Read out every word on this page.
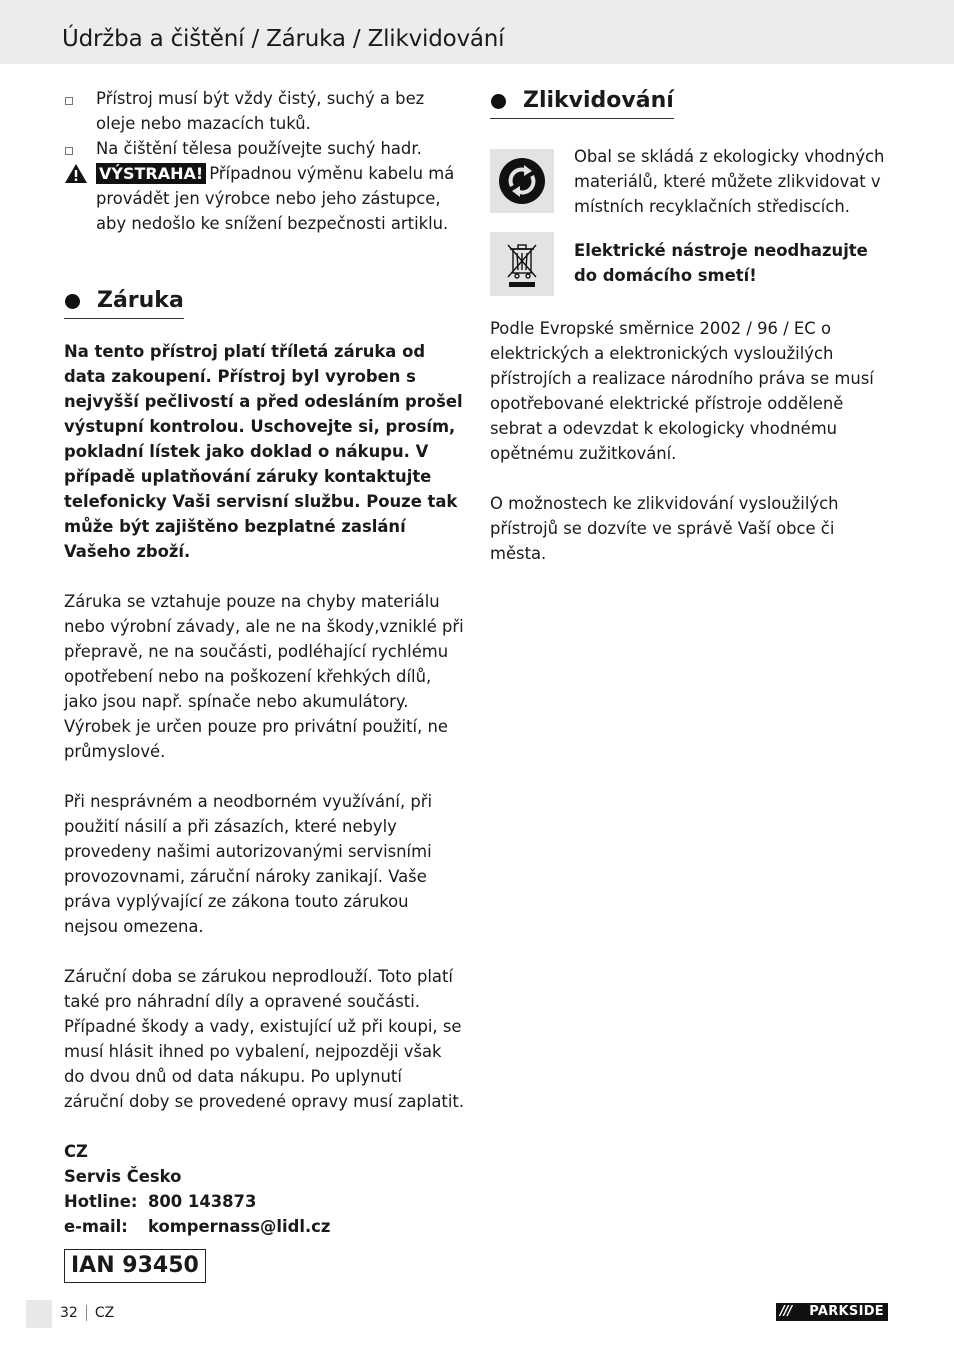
Údržba a čištění / Záruka / Zlikvidování
Přístroj musí být vždy čistý, suchý a bez oleje nebo mazacích tuků.
Na čištění tělesa používejte suchý hadr.
VÝSTRAHA! Případnou výměnu kabelu má provádět jen výrobce nebo jeho zástupce, aby nedošlo ke snížení bezpečnosti artiklu.
Záruka

Na tento přístroj platí tříletá záruka od data zakoupení. Přístroj byl vyroben s nejvyšší pečlivostí a před odesláním prošel výstupní kontrolou. Uschovejte si, prosím, pokladní lístek jako doklad o nákupu. V případě uplatňování záruky kontaktujte telefonicky Vaši servisní službu. Pouze tak může být zajištěno bezplatné zaslání Vašeho zboží.

Záruka se vztahuje pouze na chyby materiálu nebo výrobní závady, ale ne na škody,vzniklé při přepravě, ne na součásti, podléhající rychlému opotřebení nebo na poškození křehkých dílů, jako jsou např. spínače nebo akumulátory. Výrobek je určen pouze pro privátní použití, ne průmyslové.

Při nesprávném a neodborném využívání, při použití násilí a při zásazích, které nebyly provedeny našimi autorizovanými servisními provozovnami, záruční nároky zanikají. Vaše práva vyplývající ze zákona touto zárukou nejsou omezena.

Záruční doba se zárukou neprodlouží. Toto platí také pro náhradní díly a opravené součásti. Případné škody a vady, existující už při koupi, se musí hlásit ihned po vybalení, nejpozději však do dvou dnů od data nákupu. Po uplynutí záruční doby se provedené opravy musí zaplatit.

CZ
Servis Česko
Hotline: 800 143873
e-mail: kompernass@lidl.cz
IAN 93450
Zlikvidování

Obal se skládá z ekologicky vhodných materiálů, které můžete zlikvidovat v místních recyklačních střediscích.

Elektrické nástroje neodhazujte do domácího smetí!

Podle Evropské směrnice 2002 / 96 / EC o elektrických a elektronických vysloužilých přístrojích a realizace národního práva se musí opotřebované elektrické přístroje odděleně sebrat a odevzdat k ekologicky vhodnému opětnému zužitkování.

O možnostech ke zlikvidování vysloužilých přístrojů se dozvíte ve správě Vaší obce či města.

32 CZ	/// PARKSIDE
